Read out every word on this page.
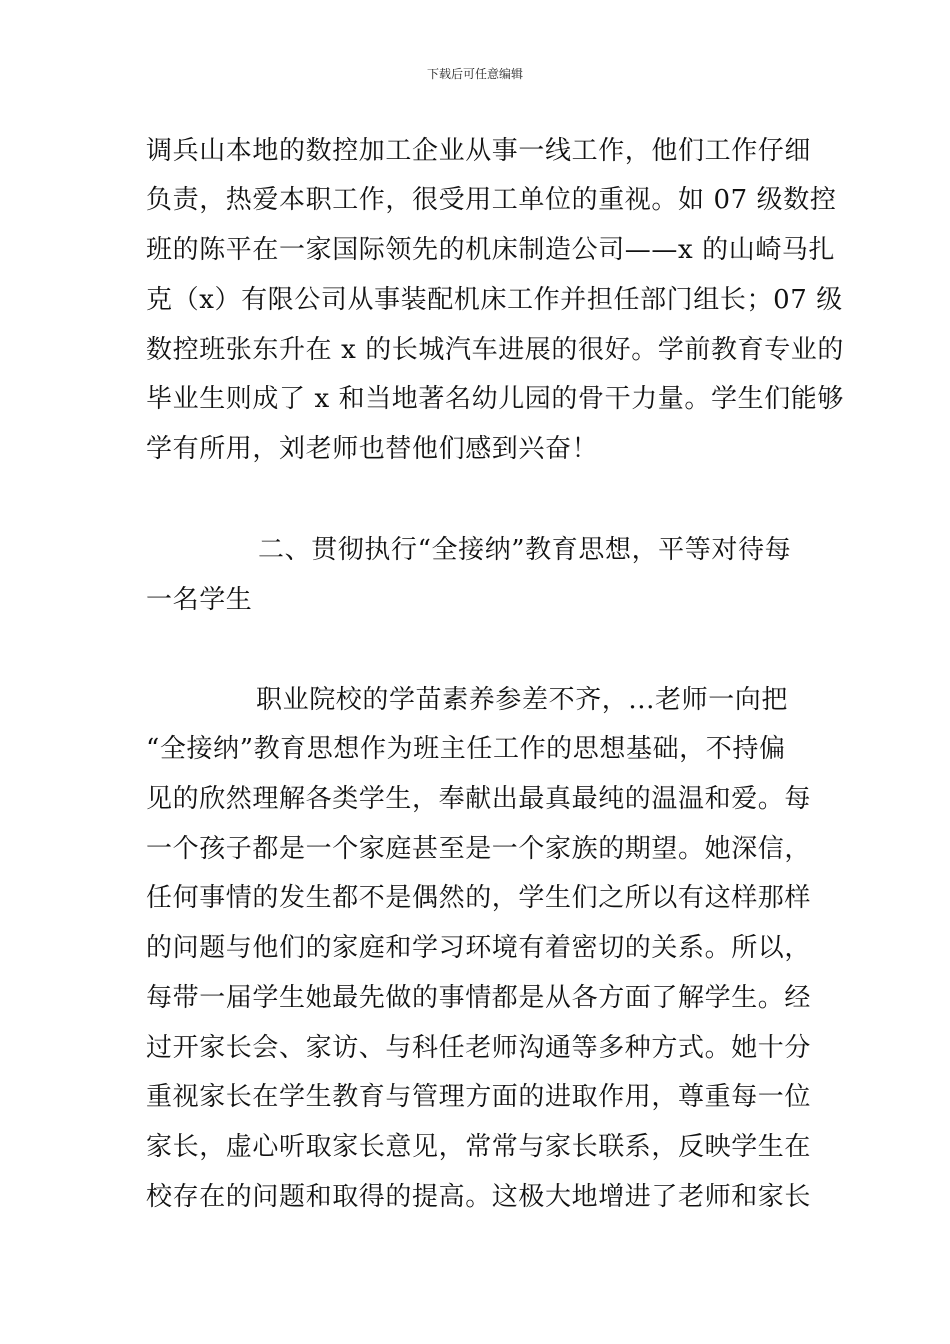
下载后可任意编辑
调兵山本地的数控加工企业从事一线工作，他们工作仔细
负责，热爱本职工作，很受用工单位的重视。如 07 级数控
班的陈平在一家国际领先的机床制造公司——x 的山崎马扎
克（x）有限公司从事装配机床工作并担任部门组长；07 级
数控班张东升在 x 的长城汽车进展的很好。学前教育专业的
毕业生则成了 x 和当地著名幼儿园的骨干力量。学生们能够
学有所用，刘老师也替他们感到兴奋！
二、贯彻执行“全接纳”教育思想，平等对待每
一名学生
职业院校的学苗素养参差不齐，...老师一向把
“全接纳”教育思想作为班主任工作的思想基础，不持偏
见的欣然理解各类学生，奉献出最真最纯的温温和爱。每
一个孩子都是一个家庭甚至是一个家族的期望。她深信，
任何事情的发生都不是偶然的，学生们之所以有这样那样
的问题与他们的家庭和学习环境有着密切的关系。所以，
每带一届学生她最先做的事情都是从各方面了解学生。经
过开家长会、家访、与科任老师沟通等多种方式。她十分
重视家长在学生教育与管理方面的进取作用，尊重每一位
家长，虚心听取家长意见，常常与家长联系，反映学生在
校存在的问题和取得的提高。这极大地增进了老师和家长
